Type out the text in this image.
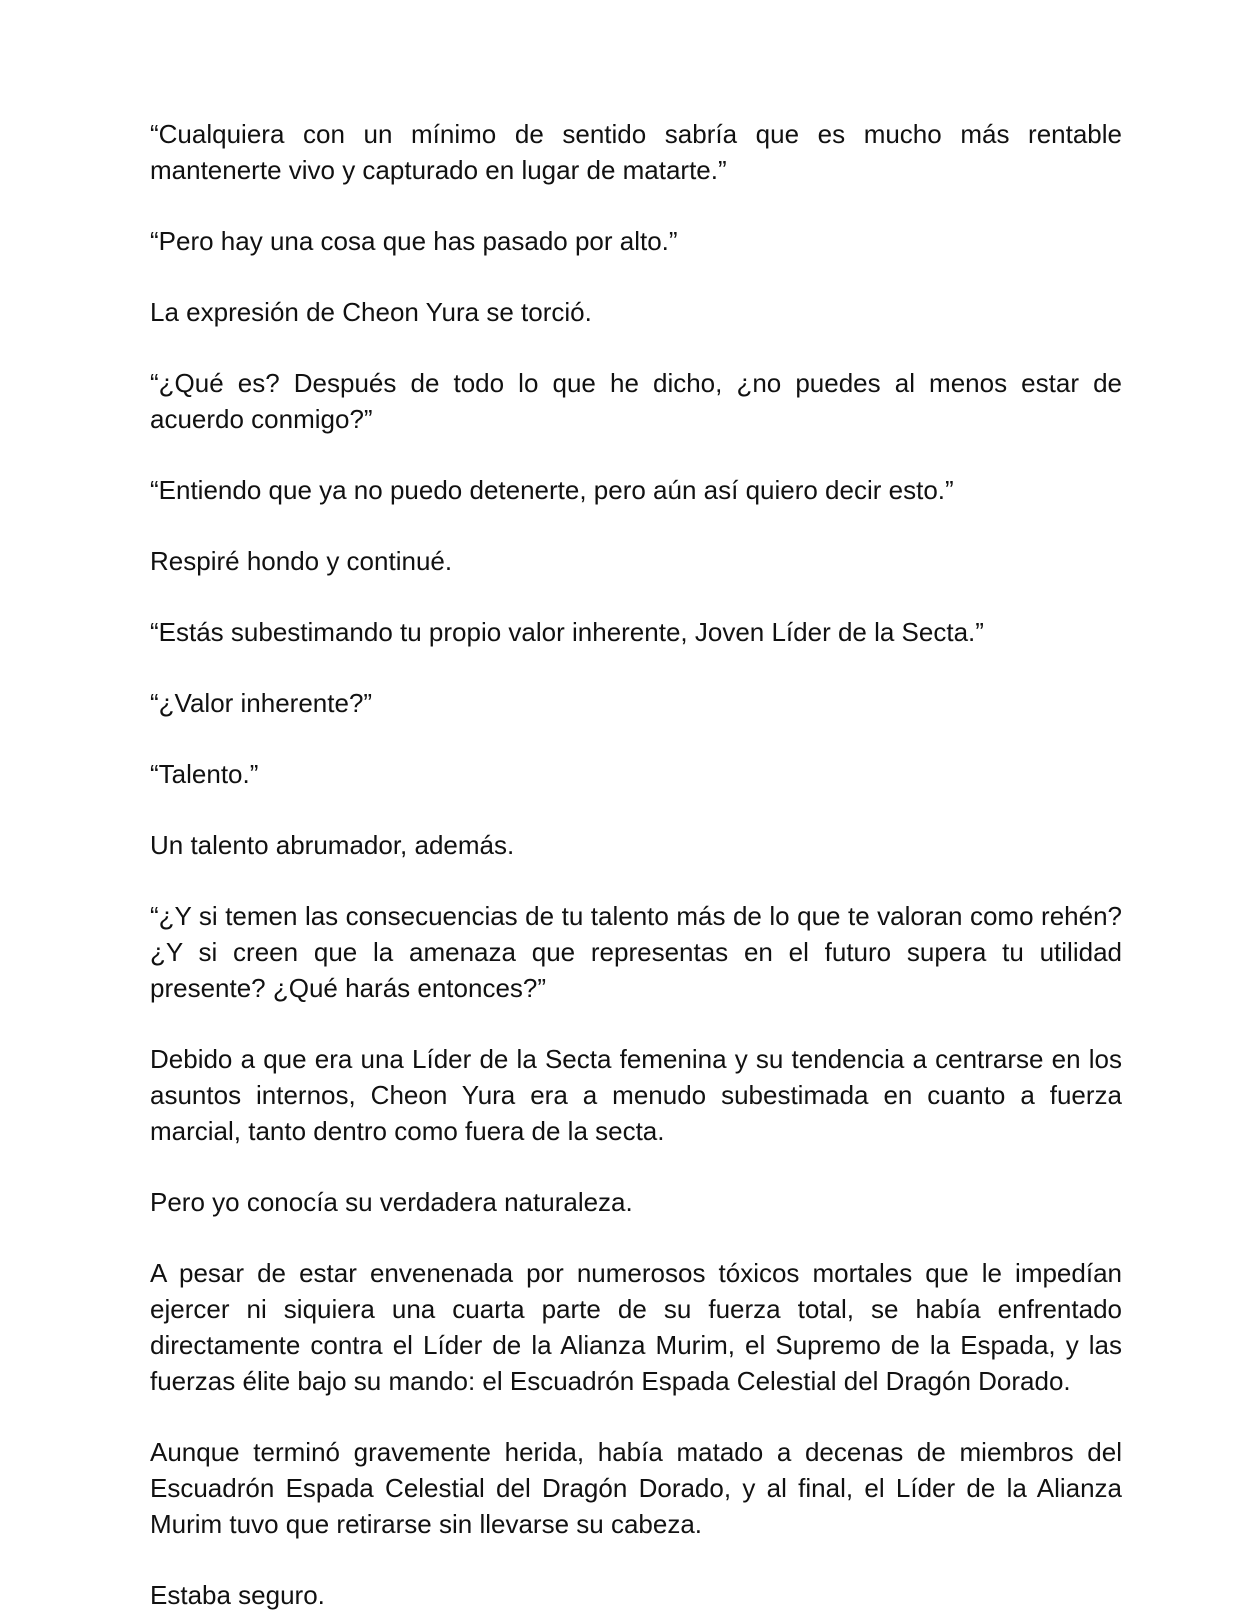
“Cualquiera con un mínimo de sentido sabría que es mucho más rentable mantenerte vivo y capturado en lugar de matarte.”

“Pero hay una cosa que has pasado por alto.”

La expresión de Cheon Yura se torció.

“¿Qué es? Después de todo lo que he dicho, ¿no puedes al menos estar de acuerdo conmigo?”

“Entiendo que ya no puedo detenerte, pero aún así quiero decir esto.”

Respiré hondo y continué.

“Estás subestimando tu propio valor inherente, Joven Líder de la Secta.”

“¿Valor inherente?”

“Talento.”

Un talento abrumador, además.

“¿Y si temen las consecuencias de tu talento más de lo que te valoran como rehén? ¿Y si creen que la amenaza que representas en el futuro supera tu utilidad presente? ¿Qué harás entonces?”

Debido a que era una Líder de la Secta femenina y su tendencia a centrarse en los asuntos internos, Cheon Yura era a menudo subestimada en cuanto a fuerza marcial, tanto dentro como fuera de la secta.

Pero yo conocía su verdadera naturaleza.

A pesar de estar envenenada por numerosos tóxicos mortales que le impedían ejercer ni siquiera una cuarta parte de su fuerza total, se había enfrentado directamente contra el Líder de la Alianza Murim, el Supremo de la Espada, y las fuerzas élite bajo su mando: el Escuadrón Espada Celestial del Dragón Dorado.

Aunque terminó gravemente herida, había matado a decenas de miembros del Escuadrón Espada Celestial del Dragón Dorado, y al final, el Líder de la Alianza Murim tuvo que retirarse sin llevarse su cabeza.

Estaba seguro.
